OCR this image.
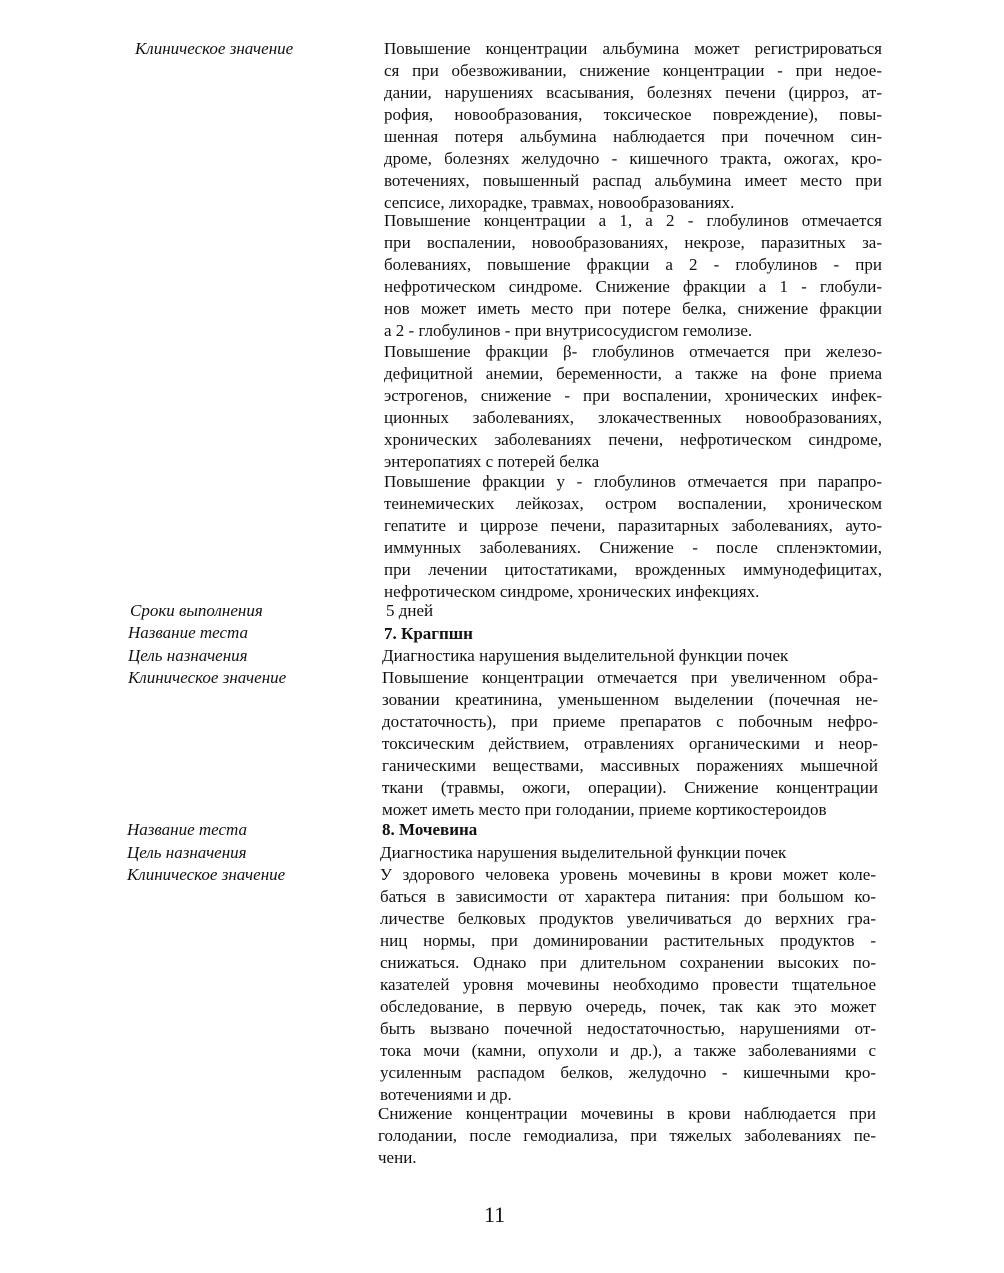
Клиническое значение	Повышение концентрации альбумина может регистрироваться
ся при обезвоживании, снижение концентрации - при недое-
дании, нарушениях всасывания, болезнях печени (цирроз, ат-
рофия, новообразования, токсическое повреждение), повы-
шенная потеря альбумина наблюдается при почечном син-
дроме, болезнях желудочно - кишечного тракта, ожогах, кро-
вотечениях, повышенный распад альбумина имеет место при
сепсисе, лихорадке, травмах, новообразованиях.
Повышение концентрации а 1, а 2 - глобулинов отмечается
при воспалении, новообразованиях, некрозе, паразитных за-
болеваниях, повышение фракции а 2 - глобулинов - при
нефротическом синдроме. Снижение фракции а 1 - глобули-
нов может иметь место при потере белка, снижение фракции
а 2 - глобулинов - при внутрисосудисгом гемолизе.
Повышение фракции β- глобулинов отмечается при железо-
дефицитной анемии, беременности, а также на фоне приема
эстрогенов, снижение - при воспалении, хронических инфек-
ционных заболеваниях, злокачественных новообразованиях,
хронических заболеваниях печени, нефротическом синдроме,
энтеропатиях с потерей белка
Повышение фракции у - глобулинов отмечается при парапро-
теинемических лейкозах, остром воспалении, хроническом
гепатите и циррозе печени, паразитарных заболеваниях, ауто-
иммунных заболеваниях. Снижение - после спленэктомии,
при лечении цитостатиками, врожденных иммунодефицитах,
нефротическом синдроме, хронических инфекциях.
Сроки выполнения	5 дней
Название теста	7. Крагпшн
Цель назначения	Диагностика нарушения выделительной функции почек
Клиническое значение	Повышение концентрации отмечается при увеличенном обра-
зовании креатинина, уменьшенном выделении (почечная не-
достаточность), при приеме препаратов с побочным нефро-
токсическим действием, отравлениях органическими и неор-
ганическими веществами, массивных поражениях мышечной
ткани (травмы, ожоги, операции). Снижение концентрации
может иметь место при голодании, приеме кортикостероидов
Название теста	8. Мочевина
Цель назначения	Диагностика нарушения выделительной функции почек
Клиническое значение	У здорового человека уровень мочевины в крови может коле-
баться в зависимости от характера питания: при большом ко-
личестве белковых продуктов увеличиваться до верхних гра-
ниц нормы, при доминировании растительных продуктов -
снижаться. Однако при длительном сохранении высоких по-
казателей уровня мочевины необходимо провести тщательное
обследование, в первую очередь, почек, так как это может
быть вызвано почечной недостаточностью, нарушениями от-
тока мочи (камни, опухоли и др.), а также заболеваниями с
усиленным распадом белков, желудочно - кишечными кро-
вотечениями и др.
Снижение концентрации мочевины в крови наблюдается при
голодании, после гемодиализа, при тяжелых заболеваниях пе-
чени.
11
